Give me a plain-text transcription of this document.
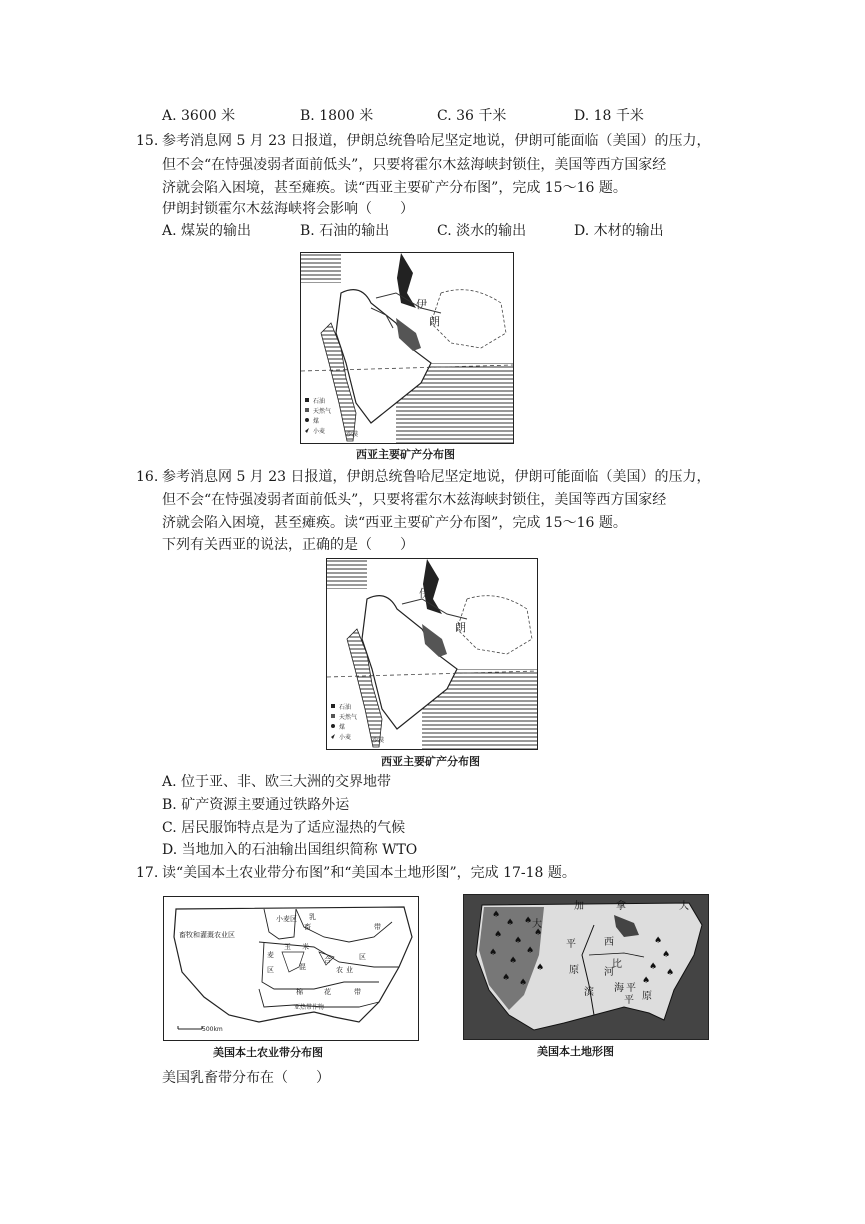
A. 3600 米	B. 1800 米	C. 36 千米	D. 18 千米
15. 参考消息网 5 月 23 日报道，伊朗总统鲁哈尼坚定地说，伊朗可能面临（美国）的压力，
但不会“在恃强凌弱者面前低头”，只要将霍尔木兹海峡封锁住，美国等西方国家经
济就会陷入困境，甚至瘫痪。读“西亚主要矿产分布图”，完成 15～16 题。
伊朗封锁霍尔木兹海峡将会影响（　　）
A. 煤炭的输出	B. 石油的输出	C. 淡水的输出	D. 木材的输出
伊
朗
石油
天然气
煤
小麦	沙漠
西亚主要矿产分布图
16. 参考消息网 5 月 23 日报道，伊朗总统鲁哈尼坚定地说，伊朗可能面临（美国）的压力，
但不会“在恃强凌弱者面前低头”，只要将霍尔木兹海峡封锁住，美国等西方国家经
济就会陷入困境，甚至瘫痪。读“西亚主要矿产分布图”，完成 15～16 题。
下列有关西亚的说法，正确的是（　　）
伊
朗
石油
天然气
煤
小麦	沙漠
西亚主要矿产分布图
A. 位于亚、非、欧三大洲的交界地带
B. 矿产资源主要通过铁路外运
C. 居民服饰特点是为了适应湿热的气候
D. 当地加入的石油输出国组织简称 WTO
17. 读“美国本土农业带分布图”和“美国本土地形图”，完成 17-18 题。
小麦区
畜牧和灌溉农业区
乳
畜	带
玉 米
麦
区	混
合
农 业
区
棉	花	带
亚热带作物
500km
美国本土农业带分布图
♠
♠
♠
♠
♠
♠
♠
♠
♠ ♠
♠
♠
♠
♠
♠
♠
♠
加	拿	大
大
平	西
比
原	河
滨 海 平
原
平
美国本土地形图
美国乳畜带分布在（　　）
